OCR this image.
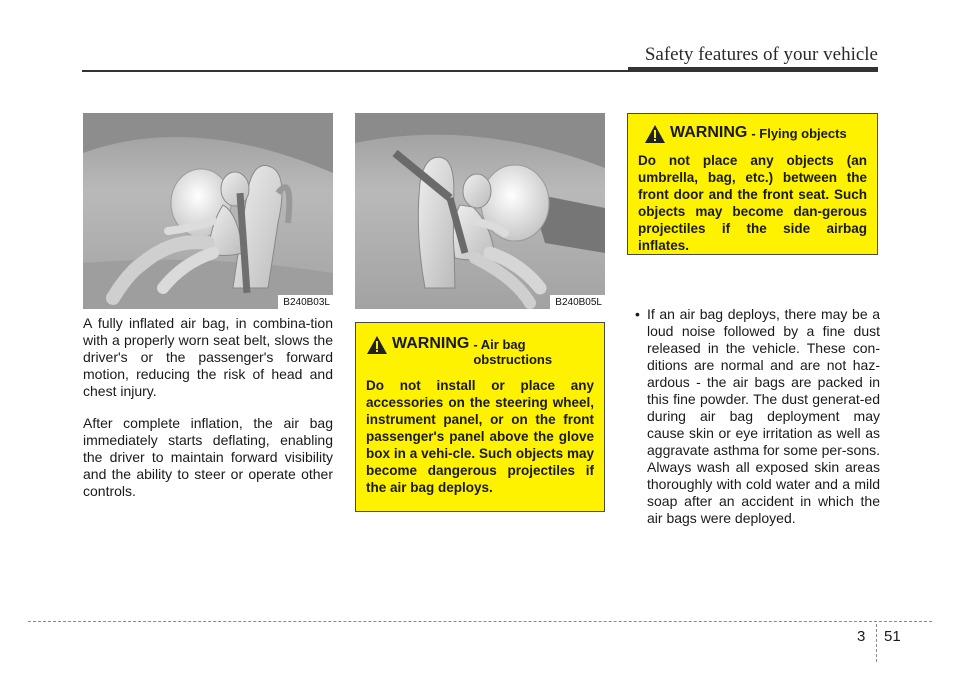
Safety features of your vehicle
B240B03L	B240B05L

A fully inflated air bag, in combina-tion with a properly worn seat belt, slows the driver's or the passenger's forward motion, reducing the risk of head and chest injury.

After complete inflation, the air bag immediately starts deflating, enabling the driver to maintain forward visibility and the ability to steer or operate other controls.

WARNING - Air bag obstructions
Do not install or place any accessories on the steering wheel, instrument panel, or on the front passenger's panel above the glove box in a vehi-cle. Such objects may become dangerous projectiles if the air bag deploys.
WARNING - Flying objects
Do not place any objects (an umbrella, bag, etc.) between the front door and the front seat. Such objects may become dan-gerous projectiles if the side airbag inflates.
• If an air bag deploys, there may be a loud noise followed by a fine dust released in the vehicle. These con-ditions are normal and are not haz-ardous - the air bags are packed in this fine powder. The dust generat-ed during air bag deployment may cause skin or eye irritation as well as aggravate asthma for some per-sons. Always wash all exposed skin areas thoroughly with cold water and a mild soap after an accident in which the air bags were deployed.
3 51
